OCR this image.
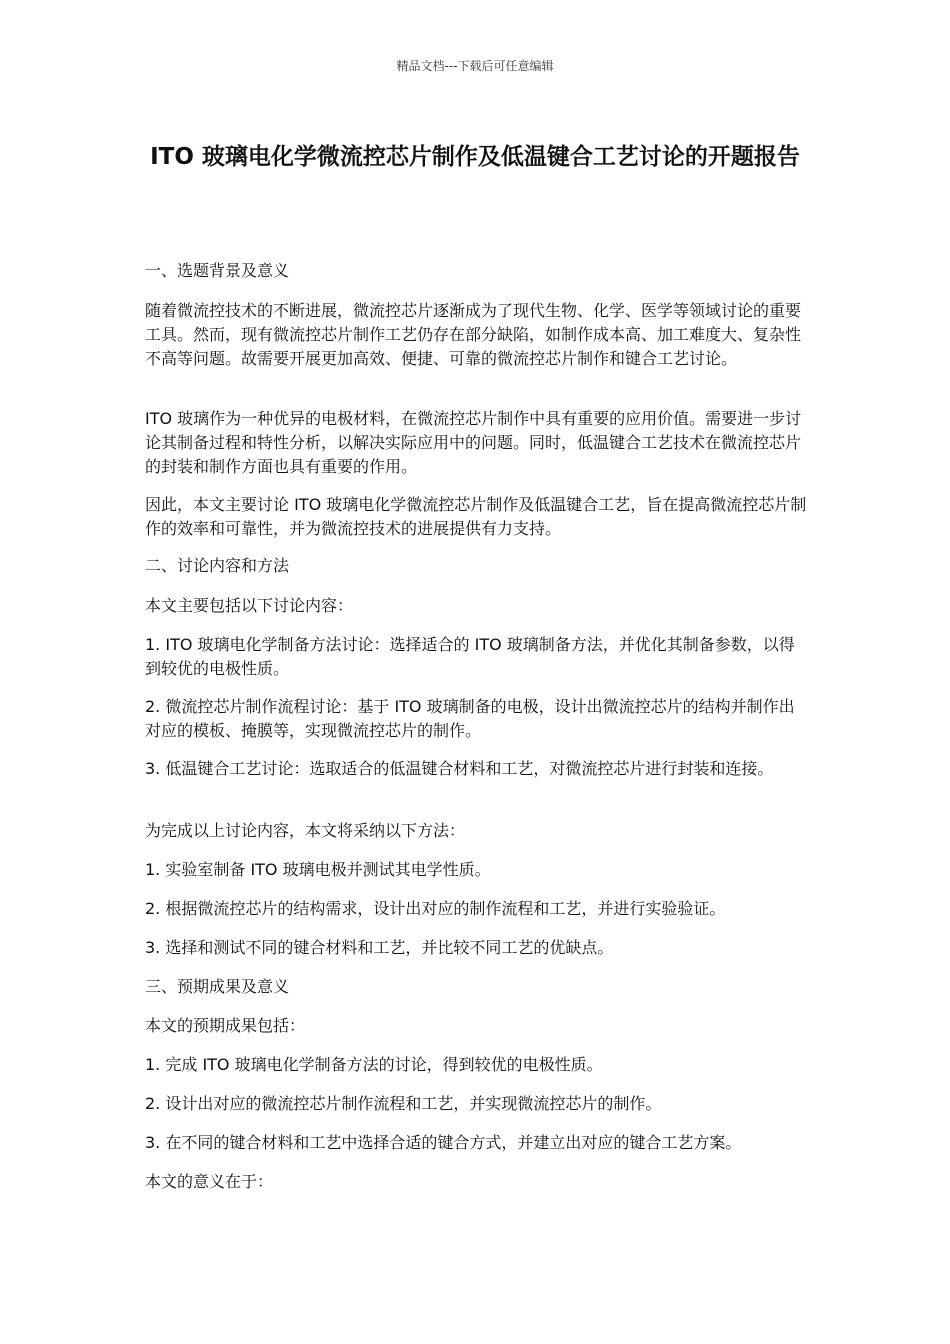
精品文档---下载后可任意编辑
ITO 玻璃电化学微流控芯片制作及低温键合工艺讨论的开题报告

一、选题背景及意义

随着微流控技术的不断进展，微流控芯片逐渐成为了现代生物、化学、医学等领域讨论的重要工具。然而，现有微流控芯片制作工艺仍存在部分缺陷，如制作成本高、加工难度大、复杂性不高等问题。故需要开展更加高效、便捷、可靠的微流控芯片制作和键合工艺讨论。

ITO 玻璃作为一种优异的电极材料，在微流控芯片制作中具有重要的应用价值。需要进一步讨论其制备过程和特性分析，以解决实际应用中的问题。同时，低温键合工艺技术在微流控芯片的封装和制作方面也具有重要的作用。

因此，本文主要讨论 ITO 玻璃电化学微流控芯片制作及低温键合工艺，旨在提高微流控芯片制作的效率和可靠性，并为微流控技术的进展提供有力支持。

二、讨论内容和方法

本文主要包括以下讨论内容：

1. ITO 玻璃电化学制备方法讨论：选择适合的 ITO 玻璃制备方法，并优化其制备参数，以得到较优的电极性质。

2. 微流控芯片制作流程讨论：基于 ITO 玻璃制备的电极，设计出微流控芯片的结构并制作出对应的模板、掩膜等，实现微流控芯片的制作。

3. 低温键合工艺讨论：选取适合的低温键合材料和工艺，对微流控芯片进行封装和连接。

为完成以上讨论内容，本文将采纳以下方法：

1. 实验室制备 ITO 玻璃电极并测试其电学性质。

2. 根据微流控芯片的结构需求，设计出对应的制作流程和工艺，并进行实验验证。

3. 选择和测试不同的键合材料和工艺，并比较不同工艺的优缺点。

三、预期成果及意义

本文的预期成果包括：

1. 完成 ITO 玻璃电化学制备方法的讨论，得到较优的电极性质。

2. 设计出对应的微流控芯片制作流程和工艺，并实现微流控芯片的制作。

3. 在不同的键合材料和工艺中选择合适的键合方式，并建立出对应的键合工艺方案。

本文的意义在于：
